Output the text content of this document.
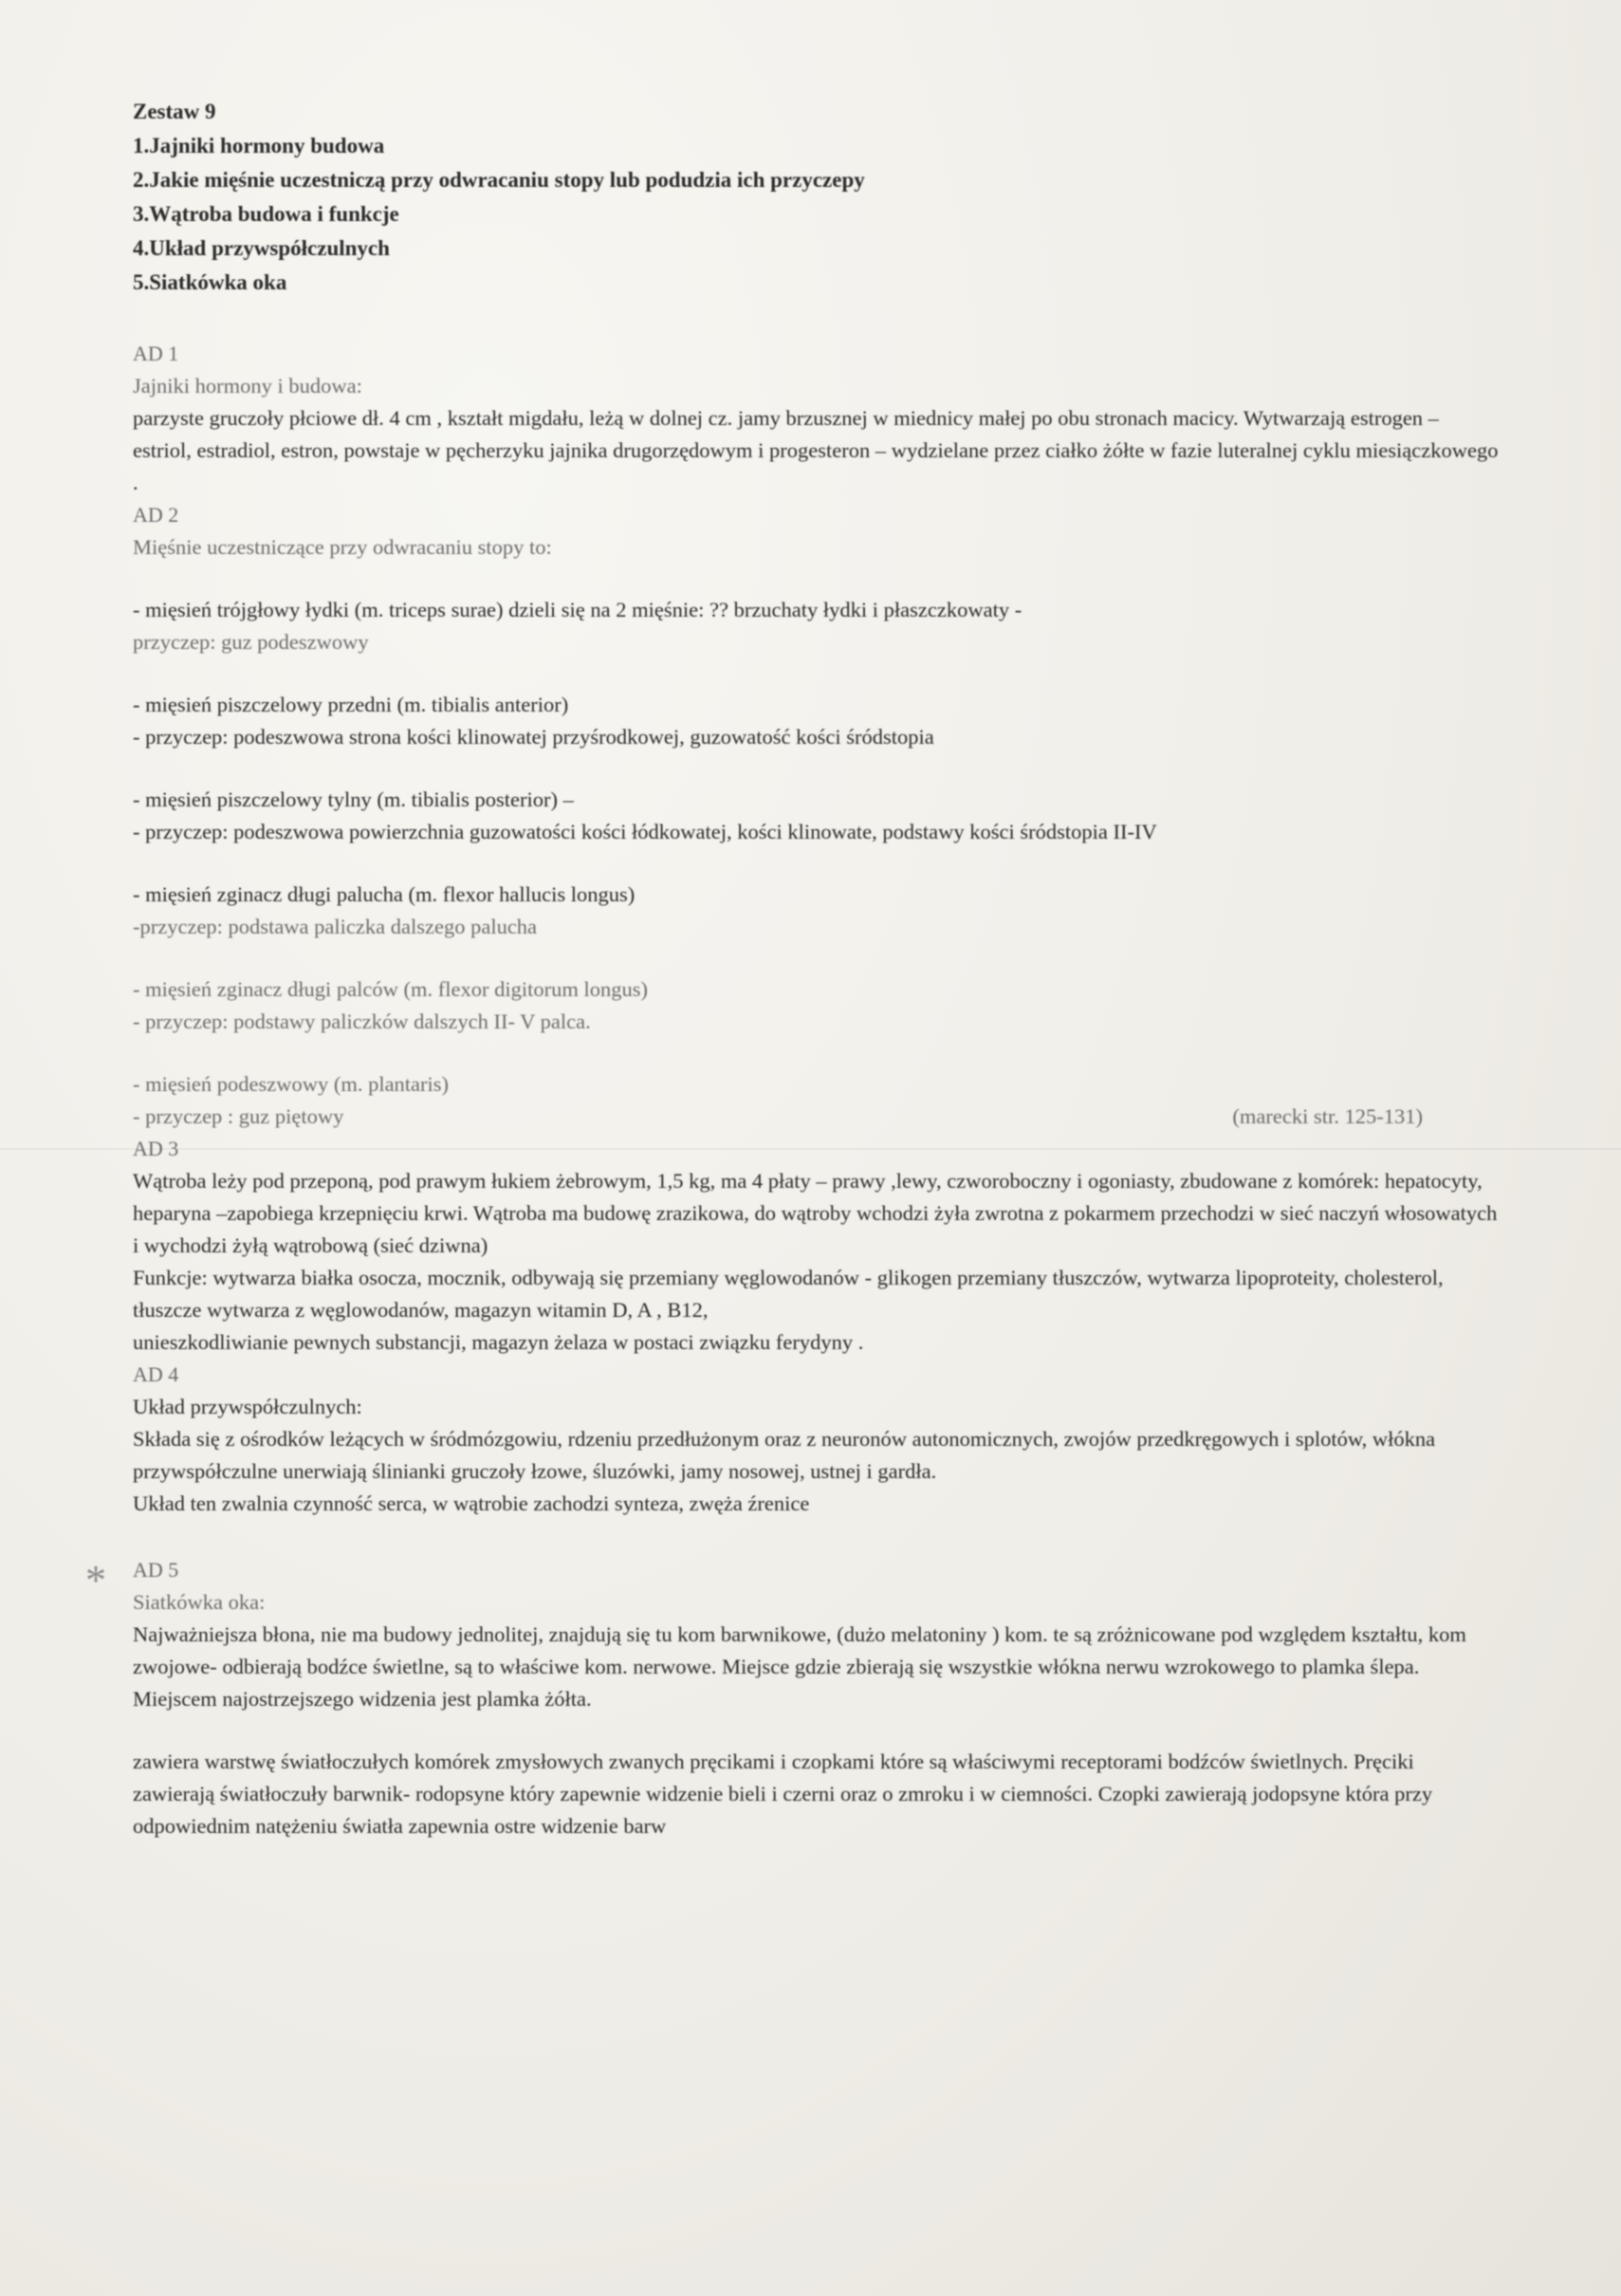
*
Zestaw 9
1.Jajniki hormony budowa
2.Jakie mięśnie uczestniczą przy odwracaniu stopy lub podudzia ich przyczepy
3.Wątroba budowa i funkcje
4.Układ przywspółczulnych
5.Siatkówka oka
AD 1

Jajniki hormony i budowa:

parzyste gruczoły płciowe dł. 4 cm , kształt migdału, leżą w dolnej cz. jamy brzusznej w miednicy małej po obu stronach macicy. Wytwarzają estrogen – estriol, estradiol, estron, powstaje w pęcherzyku jajnika drugorzędowym i progesteron – wydzielane przez ciałko żółte w fazie luteralnej cyklu miesiączkowego .

AD 2

Mięśnie uczestniczące przy odwracaniu stopy to:

- mięsień trójgłowy łydki (m. triceps surae) dzieli się na 2 mięśnie: ?? brzuchaty łydki i płaszczkowaty -

przyczep: guz podeszwowy

- mięsień piszczelowy przedni (m. tibialis anterior)

- przyczep: podeszwowa strona kości klinowatej przyśrodkowej, guzowatość kości śródstopia

- mięsień piszczelowy tylny (m. tibialis posterior) –

- przyczep: podeszwowa powierzchnia guzowatości kości łódkowatej, kości klinowate, podstawy kości śródstopia II-IV

- mięsień zginacz długi palucha (m. flexor hallucis longus)

-przyczep: podstawa paliczka dalszego palucha

- mięsień zginacz długi palców (m. flexor digitorum longus)

- przyczep: podstawy paliczków dalszych II- V palca.

- mięsień podeszwowy (m. plantaris)

- przyczep : guz piętowy	(marecki str. 125-131)
AD 3

Wątroba leży pod przeponą, pod prawym łukiem żebrowym, 1,5 kg, ma 4 płaty – prawy ,lewy, czworoboczny i ogoniasty, zbudowane z komórek: hepatocyty, heparyna –zapobiega krzepnięciu krwi. Wątroba ma budowę zrazikowa, do wątroby wchodzi żyła zwrotna z pokarmem przechodzi w sieć naczyń włosowatych i wychodzi żyłą wątrobową (sieć dziwna)

Funkcje: wytwarza białka osocza, mocznik, odbywają się przemiany węglowodanów - glikogen przemiany tłuszczów, wytwarza lipoproteity, cholesterol, tłuszcze wytwarza z węglowodanów, magazyn witamin D, A , B12,

unieszkodliwianie pewnych substancji, magazyn żelaza w postaci związku ferydyny .

AD 4

Układ przywspółczulnych:

Składa się z ośrodków leżących w śródmózgowiu, rdzeniu przedłużonym oraz z neuronów autonomicznych, zwojów przedkręgowych i splotów, włókna przywspółczulne unerwiają ślinianki gruczoły łzowe, śluzówki, jamy nosowej, ustnej i gardła.

Układ ten zwalnia czynność serca, w wątrobie zachodzi synteza, zwęża źrenice

AD 5

Siatkówka oka:

Najważniejsza błona, nie ma budowy jednolitej, znajdują się tu kom barwnikowe, (dużo melatoniny ) kom. te są zróżnicowane pod względem kształtu, kom zwojowe- odbierają bodźce świetlne, są to właściwe kom. nerwowe. Miejsce gdzie zbierają się wszystkie włókna nerwu wzrokowego to plamka ślepa. Miejscem najostrzejszego widzenia jest plamka żółta.

zawiera warstwę światłoczułych komórek zmysłowych zwanych pręcikami i czopkami które są właściwymi receptorami bodźców świetlnych. Pręciki zawierają światłoczuły barwnik- rodopsyne który zapewnie widzenie bieli i czerni oraz o zmroku i w ciemności. Czopki zawierają jodopsyne która przy odpowiednim natężeniu światła zapewnia ostre widzenie barw
